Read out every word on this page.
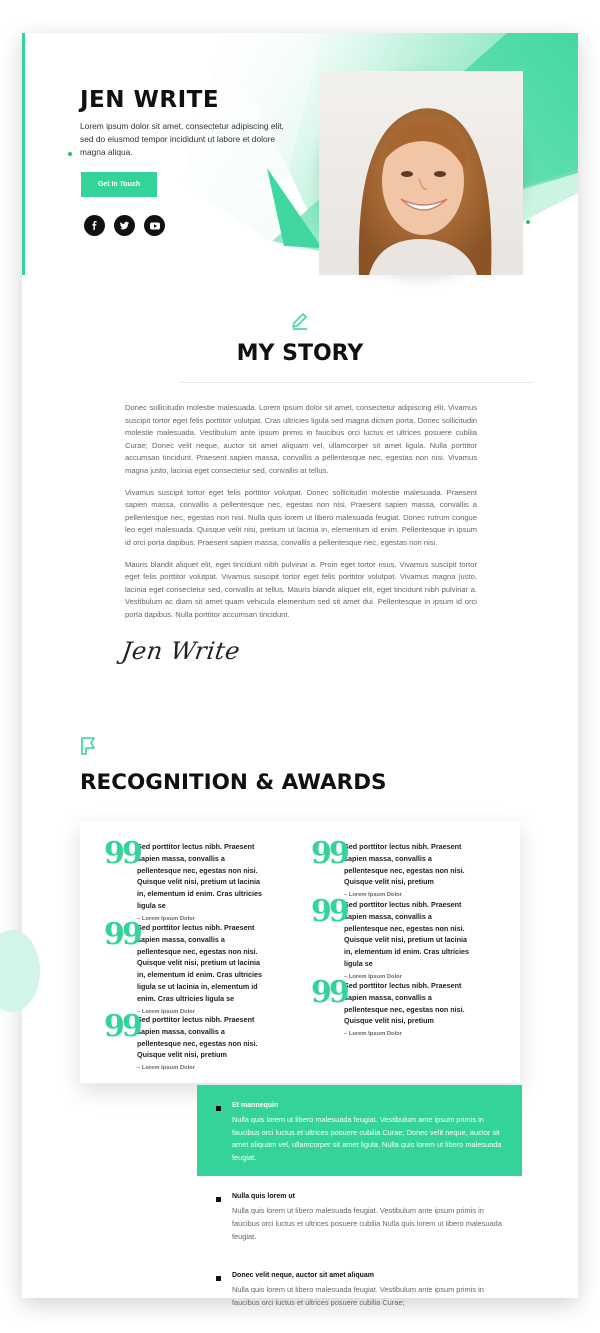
JEN WRITE
Lorem ipsum dolor sit amet, consectetur adipiscing elit, sed do eiusmod tempor incididunt ut labore et dolore magna aliqua.
Get In Touch
MY STORY

Donec sollicitudin molestie malesuada. Lorem ipsum dolor sit amet, consectetur adipiscing elit. Vivamus suscipit tortor eget felis porttitor volutpat. Cras ultricies ligula sed magna dictum porta. Donec sollicitudin molestie malesuada. Vestibulum ante ipsum primis in faucibus orci luctus et ultrices posuere cubilia Curae; Donec velit neque, auctor sit amet aliquam vel, ullamcorper sit amet ligula. Nulla porttitor accumsan tincidunt. Praesent sapien massa, convallis a pellentesque nec, egestas non nisi. Vivamus magna justo, lacinia eget consectetur sed, convallis at tellus.

Vivamus suscipit tortor eget felis porttitor volutpat. Donec sollicitudin molestie malesuada. Praesent sapien massa, convallis a pellentesque nec, egestas non nisi. Praesent sapien massa, convallis a pellentesque nec, egestas non nisi. Nulla quis lorem ut libero malesuada feugiat. Donec rutrum congue leo eget malesuada. Quisque velit nisi, pretium ut lacinia in, elementum id enim. Pellentesque in ipsum id orci porta dapibus. Praesent sapien massa, convallis a pellentesque nec, egestas non nisi.

Mauris blandit aliquet elit, eget tincidunt nibh pulvinar a. Proin eget tortor risus. Vivamus suscipit tortor eget felis porttitor volutpat. Vivamus suscipit tortor eget felis porttitor volutpat. Vivamus magna justo, lacinia eget consectetur sed, convallis at tellus. Mauris blandit aliquet elit, eget tincidunt nibh pulvinar a. Vestibulum ac diam sit amet quam vehicula elementum sed sit amet dui. Pellentesque in ipsum id orci porta dapibus. Nulla porttitor accumsan tincidunt.

Jen Write
RECOGNITION & AWARDS
99
Sed porttitor lectus nibh. Praesent sapien massa, convallis a pellentesque nec, egestas non nisi. Quisque velit nisi, pretium ut lacinia in, elementum id enim. Cras ultricies ligula se
– Lorem Ipsum Dolor
99
Sed porttitor lectus nibh. Praesent sapien massa, convallis a pellentesque nec, egestas non nisi. Quisque velit nisi, pretium ut lacinia in, elementum id enim. Cras ultricies ligula se ut lacinia in, elementum id enim. Cras ultricies ligula se
– Lorem Ipsum Dolor
99
Sed porttitor lectus nibh. Praesent sapien massa, convallis a pellentesque nec, egestas non nisi. Quisque velit nisi, pretium
– Lorem Ipsum Dolor
99
Sed porttitor lectus nibh. Praesent sapien massa, convallis a pellentesque nec, egestas non nisi. Quisque velit nisi, pretium
– Lorem Ipsum Dolor
99
Sed porttitor lectus nibh. Praesent sapien massa, convallis a pellentesque nec, egestas non nisi. Quisque velit nisi, pretium ut lacinia in, elementum id enim. Cras ultricies ligula se
– Lorem Ipsum Dolor
99
Sed porttitor lectus nibh. Praesent sapien massa, convallis a pellentesque nec, egestas non nisi. Quisque velit nisi, pretium
– Lorem Ipsum Dolor
Et mannequin
Nulla quis lorem ut libero malesuada feugiat. Vestibulum ante ipsum primis in faucibus orci luctus et ultrices posuere cubilia Curae; Donec velit neque, auctor sit amet aliquam vel, ullamcorper sit amet ligula. Nulla quis lorem ut libero malesuada feugiat.
Nulla quis lorem ut
Nulla quis lorem ut libero malesuada feugiat. Vestibulum ante ipsum primis in faucibus orci luctus et ultrices posuere cubilia Nulla quis lorem ut libero malesuada feugiat.
Donec velit neque, auctor sit amet aliquam
Nulla quis lorem ut libero malesuada feugiat. Vestibulum ante ipsum primis in faucibus orci luctus et ultrices posuere cubilia Curae;
